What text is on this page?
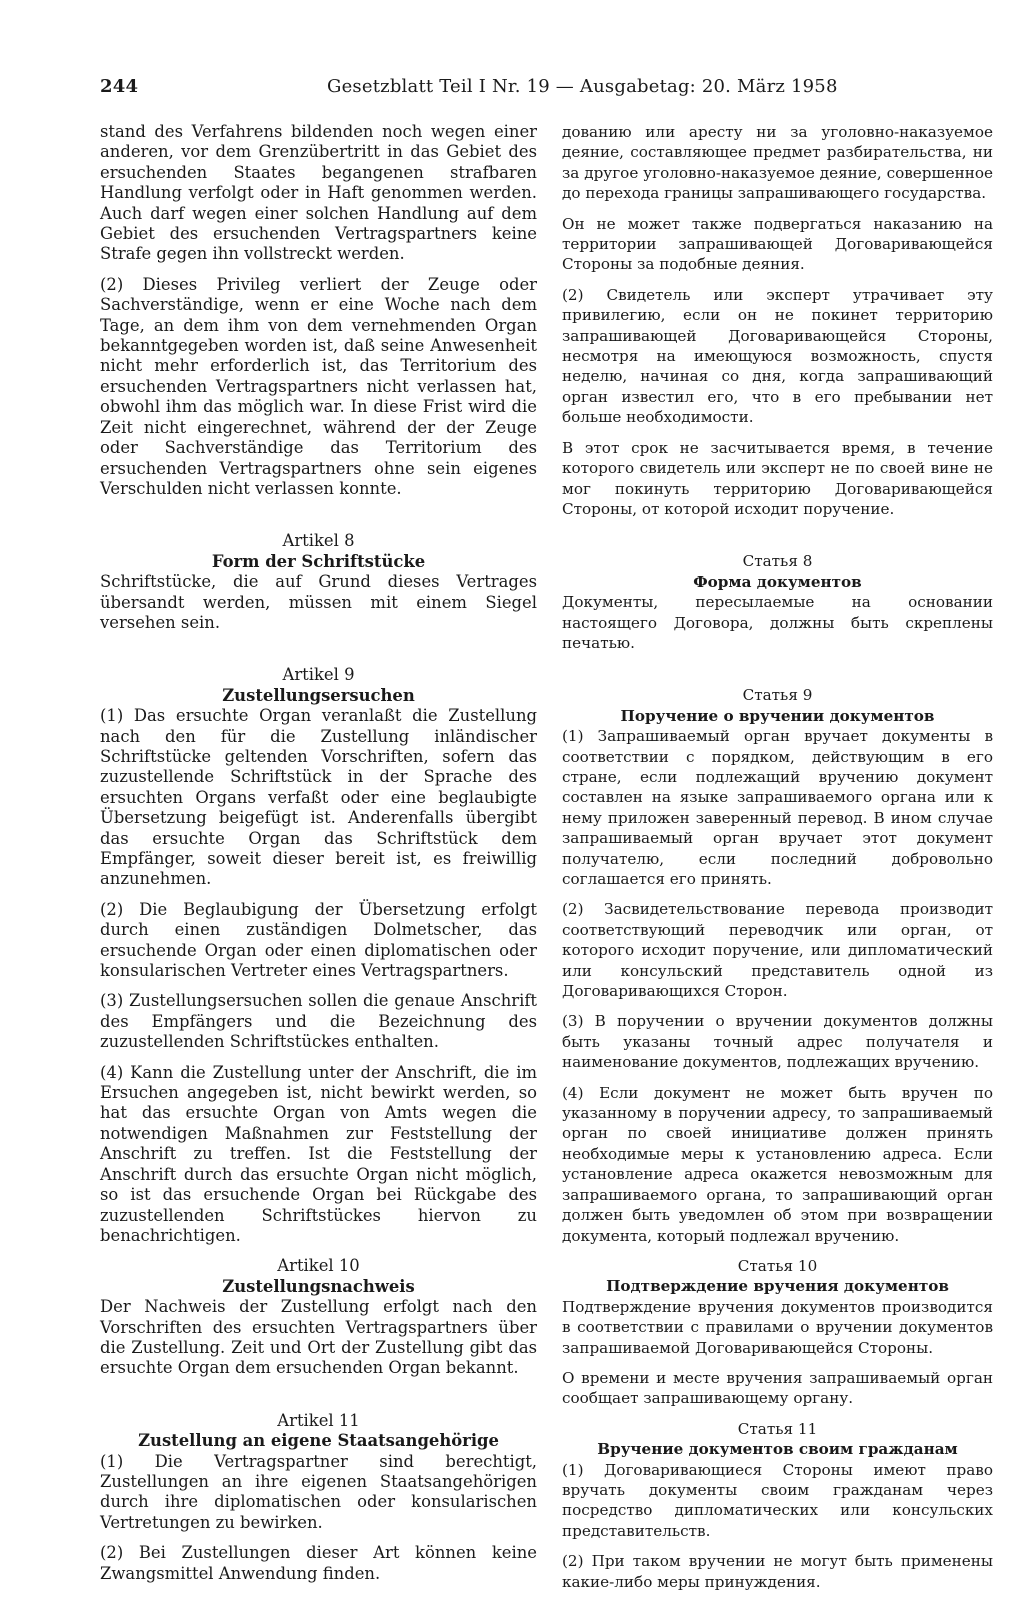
244	Gesetzblatt Teil I Nr. 19 — Ausgabetag: 20. März 1958

stand des Verfahrens bildenden noch wegen einer anderen, vor dem Grenzübertritt in das Gebiet des ersuchenden Staates begangenen strafbaren Handlung verfolgt oder in Haft genommen werden. Auch darf wegen einer solchen Handlung auf dem Gebiet des ersuchenden Vertragspartners keine Strafe gegen ihn vollstreckt werden.

(2) Dieses Privileg verliert der Zeuge oder Sachverständige, wenn er eine Woche nach dem Tage, an dem ihm von dem vernehmenden Organ bekanntgegeben worden ist, daß seine Anwesenheit nicht mehr erforderlich ist, das Territorium des ersuchenden Vertragspartners nicht verlassen hat, obwohl ihm das möglich war. In diese Frist wird die Zeit nicht eingerechnet, während der der Zeuge oder Sachverständige das Territorium des ersuchenden Vertragspartners ohne sein eigenes Verschulden nicht verlassen konnte.

Artikel 8

Form der Schriftstücke

Schriftstücke, die auf Grund dieses Vertrages übersandt werden, müssen mit einem Siegel versehen sein.

Artikel 9

Zustellungsersuchen

(1) Das ersuchte Organ veranlaßt die Zustellung nach den für die Zustellung inländischer Schriftstücke geltenden Vorschriften, sofern das zuzustellende Schriftstück in der Sprache des ersuchten Organs verfaßt oder eine beglaubigte Übersetzung beigefügt ist. Anderenfalls übergibt das ersuchte Organ das Schriftstück dem Empfänger, soweit dieser bereit ist, es freiwillig anzunehmen.

(2) Die Beglaubigung der Übersetzung erfolgt durch einen zuständigen Dolmetscher, das ersuchende Organ oder einen diplomatischen oder konsularischen Vertreter eines Vertragspartners.

(3) Zustellungsersuchen sollen die genaue Anschrift des Empfängers und die Bezeichnung des zuzustellenden Schriftstückes enthalten.

(4) Kann die Zustellung unter der Anschrift, die im Ersuchen angegeben ist, nicht bewirkt werden, so hat das ersuchte Organ von Amts wegen die notwendigen Maßnahmen zur Feststellung der Anschrift zu treffen. Ist die Feststellung der Anschrift durch das ersuchte Organ nicht möglich, so ist das ersuchende Organ bei Rückgabe des zuzustellenden Schriftstückes hiervon zu benachrichtigen.

Artikel 10

Zustellungsnachweis

Der Nachweis der Zustellung erfolgt nach den Vorschriften des ersuchten Vertragspartners über die Zustellung. Zeit und Ort der Zustellung gibt das ersuchte Organ dem ersuchenden Organ bekannt.

Artikel 11

Zustellung an eigene Staatsangehörige

(1) Die Vertragspartner sind berechtigt, Zustellungen an ihre eigenen Staatsangehörigen durch ihre diplomatischen oder konsularischen Vertretungen zu bewirken.

(2) Bei Zustellungen dieser Art können keine Zwangsmittel Anwendung finden.

дованию или аресту ни за уголовно-наказуемое деяние, составляющее предмет разбирательства, ни за другое уголовно-наказуемое деяние, совершенное до перехода границы запрашивающего государства.

Он не может также подвергаться наказанию на территории запрашивающей Договаривающейся Стороны за подобные деяния.

(2) Свидетель или эксперт утрачивает эту привилегию, если он не покинет территорию запрашивающей Договаривающейся Стороны, несмотря на имеющуюся возможность, спустя неделю, начиная со дня, когда запрашивающий орган известил его, что в его пребывании нет больше необходимости.

В этот срок не засчитывается время, в течение которого свидетель или эксперт не по своей вине не мог покинуть территорию Договаривающейся Стороны, от которой исходит поручение.

Статья 8

Форма документов

Документы, пересылаемые на основании настоящего Договора, должны быть скреплены печатью.

Статья 9

Поручение о вручении документов

(1) Запрашиваемый орган вручает документы в соответствии с порядком, действующим в его стране, если подлежащий вручению документ составлен на языке запрашиваемого органа или к нему приложен заверенный перевод. В ином случае запрашиваемый орган вручает этот документ получателю, если последний добровольно соглашается его принять.

(2) Засвидетельствование перевода производит соответствующий переводчик или орган, от которого исходит поручение, или дипломатический или консульский представитель одной из Договаривающихся Сторон.

(3) В поручении о вручении документов должны быть указаны точный адрес получателя и наименование документов, подлежащих вручению.

(4) Если документ не может быть вручен по указанному в поручении адресу, то запрашиваемый орган по своей инициативе должен принять необходимые меры к установлению адреса. Если установление адреса окажется невозможным для запрашиваемого органа, то запрашивающий орган должен быть уведомлен об этом при возвращении документа, который подлежал вручению.

Статья 10

Подтверждение вручения документов

Подтверждение вручения документов производится в соответствии с правилами о вручении документов запрашиваемой Договаривающейся Стороны.

О времени и месте вручения запрашиваемый орган сообщает запрашивающему органу.

Статья 11

Вручение документов своим гражданам

(1) Договаривающиеся Стороны имеют право вручать документы своим гражданам через посредство дипломатических или консульских представительств.

(2) При таком вручении не могут быть применены какие-либо меры принуждения.
